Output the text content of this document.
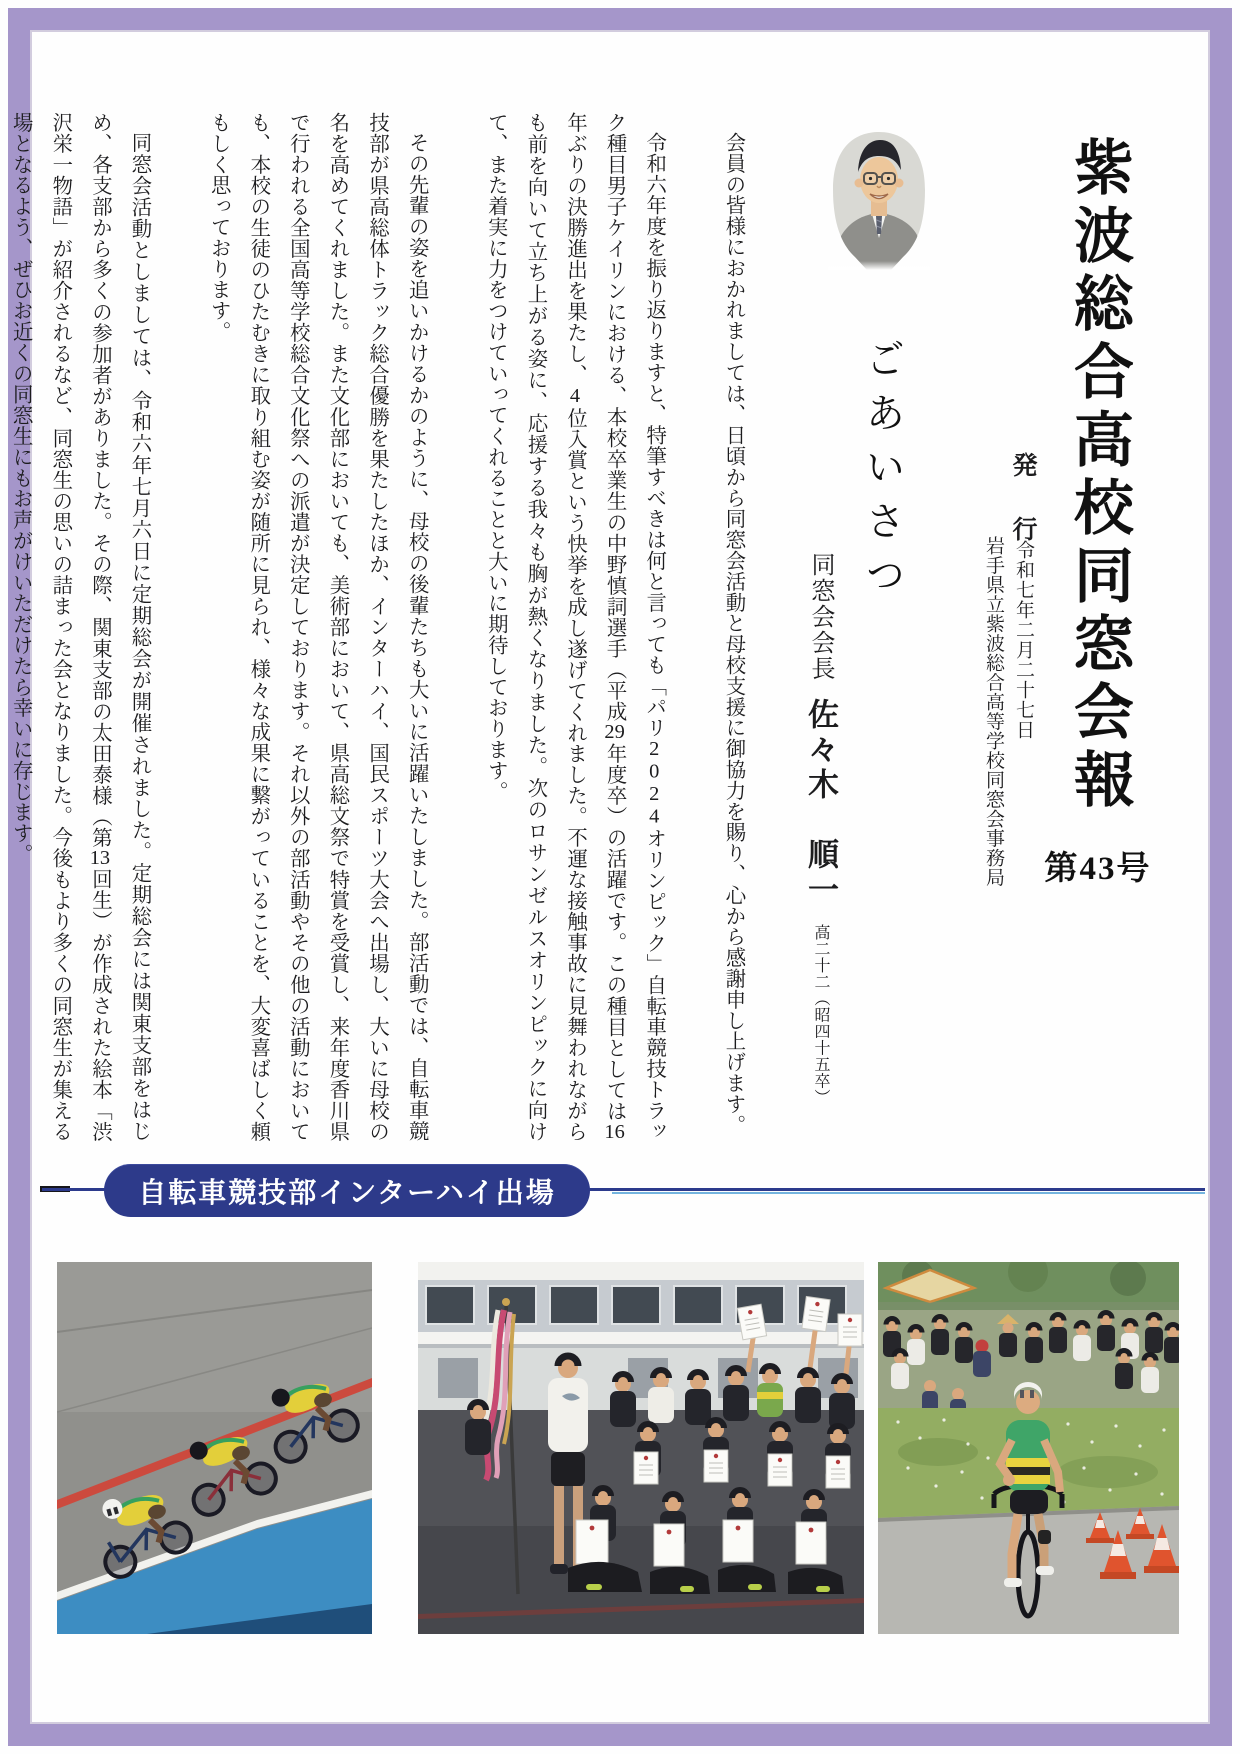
紫波総合高校同窓会報
第43号
発　行
令和七年二月二十七日
岩手県立紫波総合高等学校同窓会事務局
ごあいさつ

同窓会会長　佐々木　順一　高二十二（昭四十五卒）

会員の皆様におかれましては、日頃から同窓会活動と母校支援に御協力を賜り、心から感謝申し上げます。

令和六年度を振り返りますと、特筆すべきは何と言っても「パリ2024オリンピック」自転車競技トラック種目男子ケイリンにおける、本校卒業生の中野慎詞選手（平成29年度卒）の活躍です。この種目としては16年ぶりの決勝進出を果たし、4位入賞という快挙を成し遂げてくれました。不運な接触事故に見舞われながらも前を向いて立ち上がる姿に、応援する我々も胸が熱くなりました。次のロサンゼルスオリンピックに向けて、また着実に力をつけていってくれることと大いに期待しております。

その先輩の姿を追いかけるかのように、母校の後輩たちも大いに活躍いたしました。部活動では、自転車競技部が県高総体トラック総合優勝を果たしたほか、インターハイ、国民スポーツ大会へ出場し、大いに母校の名を高めてくれました。また文化部においても、美術部において、県高総文祭で特賞を受賞し、来年度香川県で行われる全国高等学校総合文化祭への派遣が決定しております。それ以外の部活動やその他の活動においても、本校の生徒のひたむきに取り組む姿が随所に見られ、様々な成果に繋がっていることを、大変喜ばしく頼もしく思っております。

同窓会活動としましては、令和六年七月六日に定期総会が開催されました。定期総会には関東支部をはじめ、各支部から多くの参加者がありました。その際、関東支部の太田泰様（第13回生）が作成された絵本「渋沢栄一物語」が紹介されるなど、同窓生の思いの詰まった会となりました。今後もより多くの同窓生が集える場となるよう、ぜひお近くの同窓生にもお声がけいただけたら幸いに存じます。

自転車競技部インターハイ出場
